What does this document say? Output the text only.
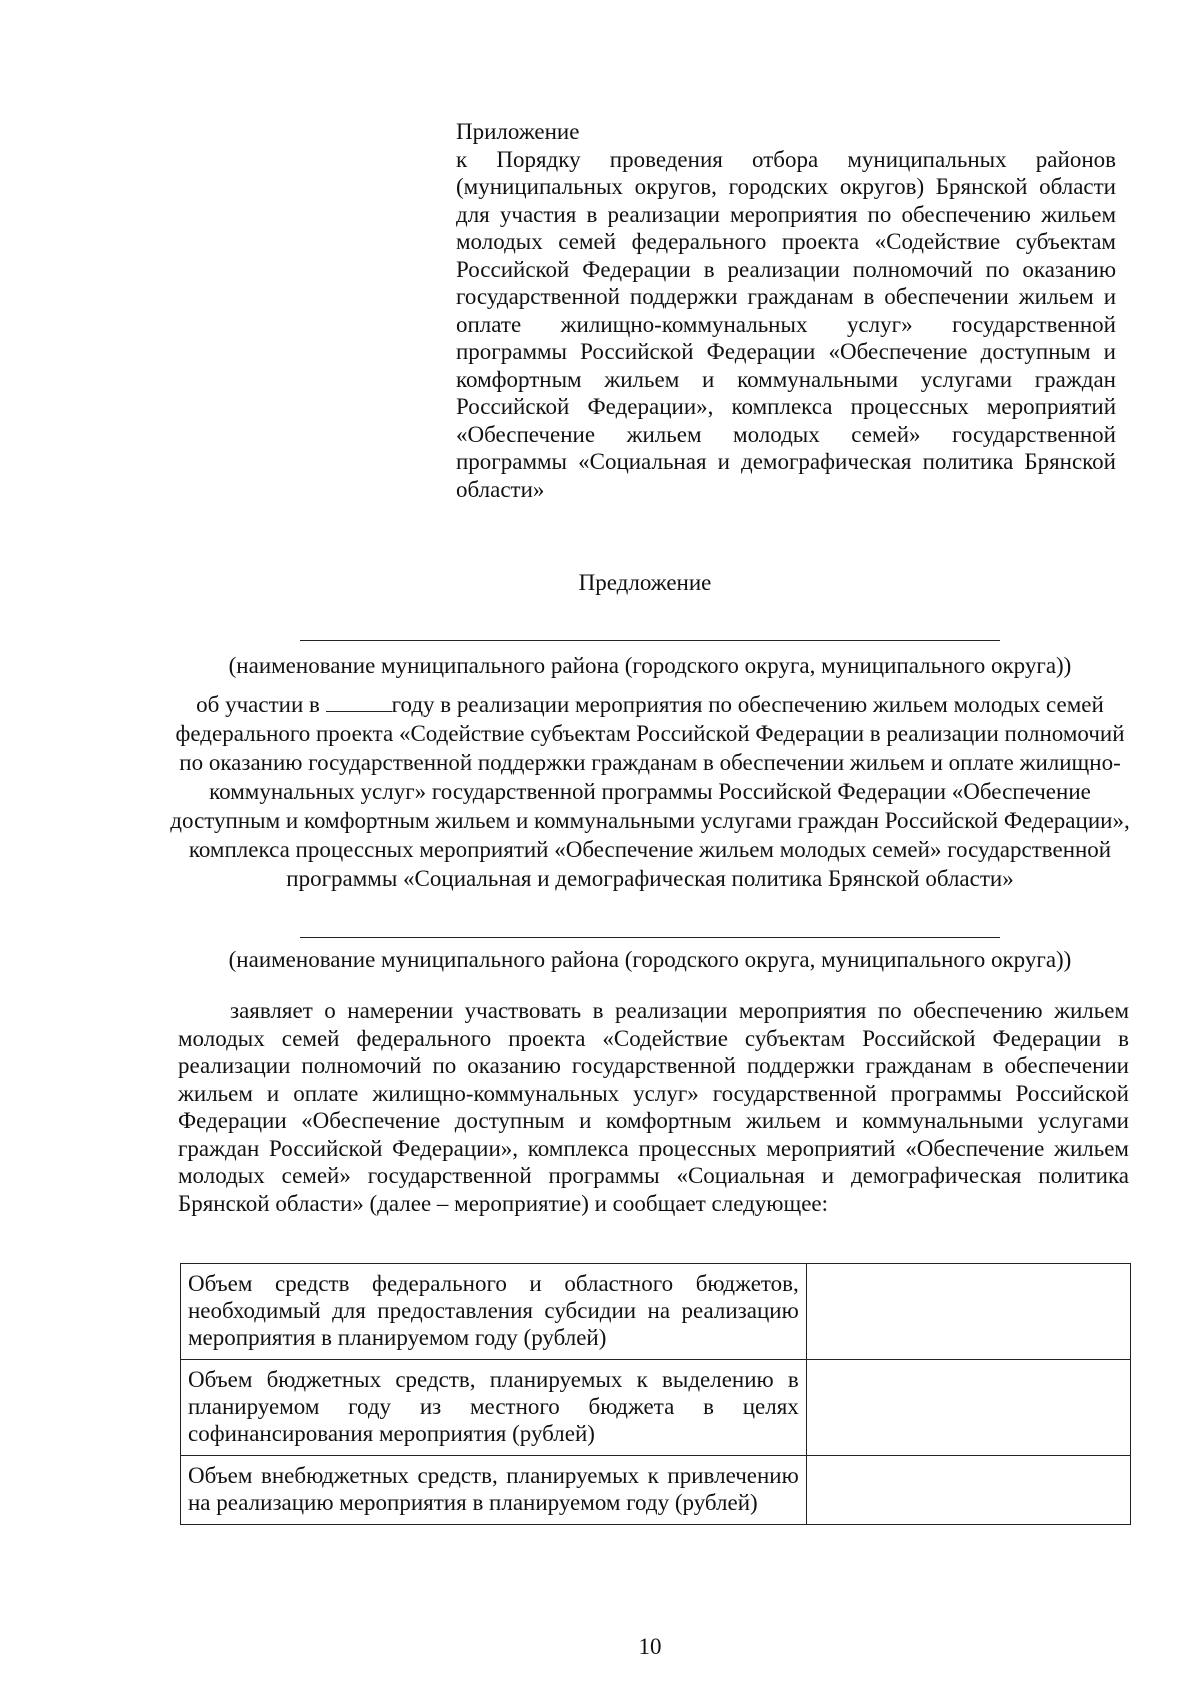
Приложение
к Порядку проведения отбора муниципальных районов (муниципальных округов, городских округов) Брянской области для участия в реализации мероприятия по обеспечению жильем молодых семей федерального проекта «Содействие субъектам Российской Федерации в реализации полномочий по оказанию государственной поддержки гражданам в обеспечении жильем и оплате жилищно-коммунальных услуг» государственной программы Российской Федерации «Обеспечение доступным и комфортным жильем и коммунальными услугами граждан Российской Федерации», комплекса процессных мероприятий «Обеспечение жильем молодых семей» государственной программы «Социальная и демографическая политика Брянской области»
Предложение
(наименование муниципального района (городского округа, муниципального округа))
об участии в	году в реализации мероприятия по обеспечению жильем молодых семей федерального проекта «Содействие субъектам Российской Федерации в реализации полномочий по оказанию государственной поддержки гражданам в обеспечении жильем и оплате жилищно-коммунальных услуг» государственной программы Российской Федерации «Обеспечение доступным и комфортным жильем и коммунальными услугами граждан Российской Федерации», комплекса процессных мероприятий «Обеспечение жильем молодых семей» государственной программы «Социальная и демографическая политика Брянской области»
(наименование муниципального района (городского округа, муниципального округа))
заявляет о намерении участвовать в реализации мероприятия по обеспечению жильем молодых семей федерального проекта «Содействие субъектам Российской Федерации в реализации полномочий по оказанию государственной поддержки гражданам в обеспечении жильем и оплате жилищно-коммунальных услуг» государственной программы Российской Федерации «Обеспечение доступным и комфортным жильем и коммунальными услугами граждан Российской Федерации», комплекса процессных мероприятий «Обеспечение жильем молодых семей» государственной программы «Социальная и демографическая политика Брянской области» (далее – мероприятие) и сообщает следующее:
Объем средств федерального и областного бюджетов, необходимый для предоставления субсидии на реализацию мероприятия в планируемом году (рублей)	
Объем бюджетных средств, планируемых к выделению в планируемом году из местного бюджета в целях софинансирования мероприятия (рублей)	
Объем внебюджетных средств, планируемых к привлечению на реализацию мероприятия в планируемом году (рублей)	
10
